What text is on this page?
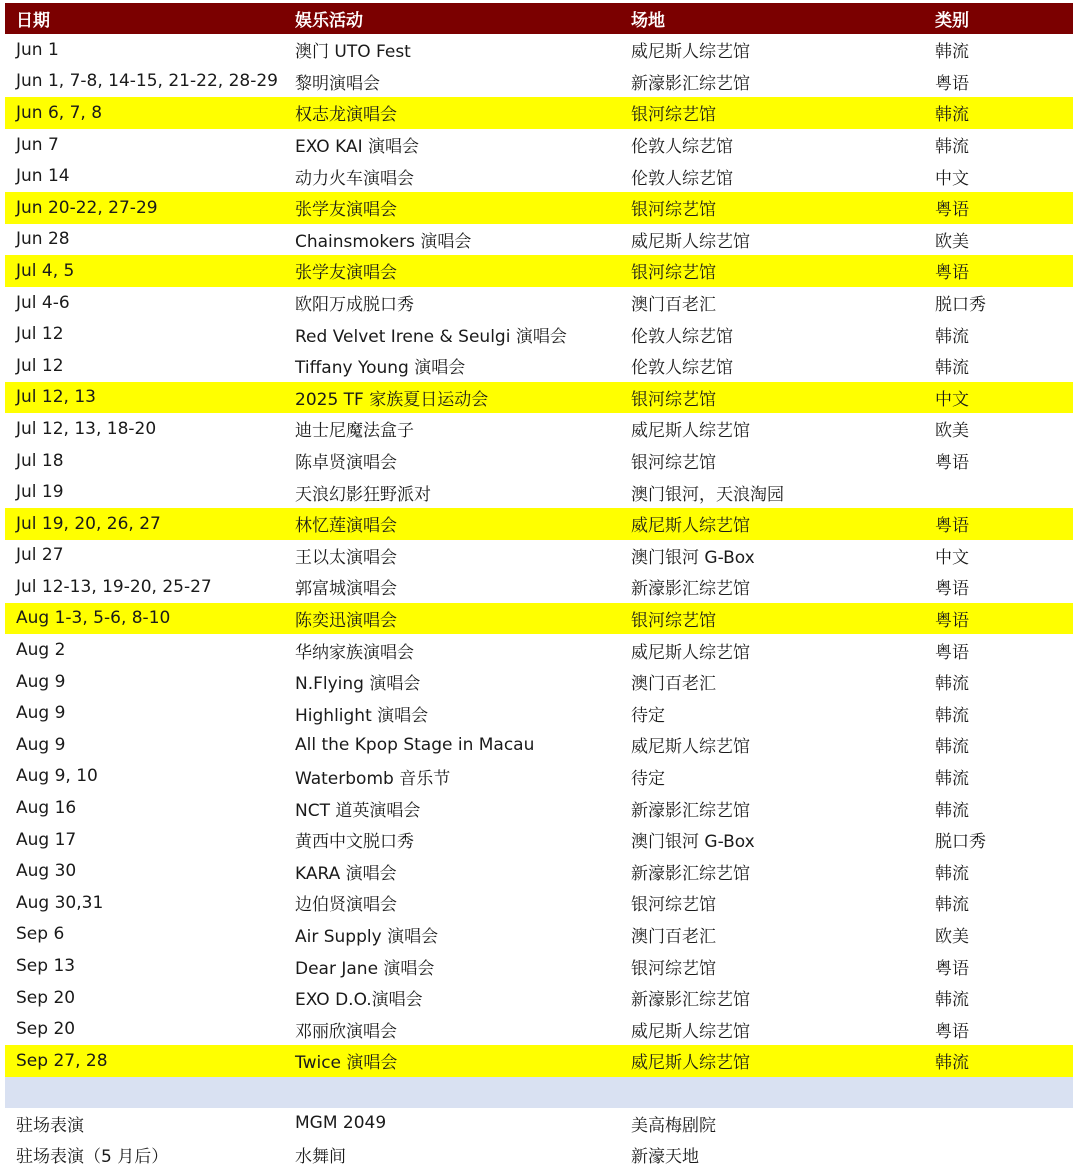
日期	娱乐活动	场地	类别
Jun 1	澳门 UTO Fest	威尼斯人综艺馆	韩流
Jun 1, 7-8, 14-15, 21-22, 28-29	黎明演唱会	新濠影汇综艺馆	粤语
Jun 6, 7, 8	权志龙演唱会	银河综艺馆	韩流
Jun 7	EXO KAI 演唱会	伦敦人综艺馆	韩流
Jun 14	动力火车演唱会	伦敦人综艺馆	中文
Jun 20-22, 27-29	张学友演唱会	银河综艺馆	粤语
Jun 28	Chainsmokers 演唱会	威尼斯人综艺馆	欧美
Jul 4, 5	张学友演唱会	银河综艺馆	粤语
Jul 4-6	欧阳万成脱口秀	澳门百老汇	脱口秀
Jul 12	Red Velvet Irene & Seulgi 演唱会	伦敦人综艺馆	韩流
Jul 12	Tiffany Young 演唱会	伦敦人综艺馆	韩流
Jul 12, 13	2025 TF 家族夏日运动会	银河综艺馆	中文
Jul 12, 13, 18-20	迪士尼魔法盒子	威尼斯人综艺馆	欧美
Jul 18	陈卓贤演唱会	银河综艺馆	粤语
Jul 19	天浪幻影狂野派对	澳门银河，天浪淘园
Jul 19, 20, 26, 27	林忆莲演唱会	威尼斯人综艺馆	粤语
Jul 27	王以太演唱会	澳门银河 G-Box	中文
Jul 12-13, 19-20, 25-27	郭富城演唱会	新濠影汇综艺馆	粤语
Aug 1-3, 5-6, 8-10	陈奕迅演唱会	银河综艺馆	粤语
Aug 2	华纳家族演唱会	威尼斯人综艺馆	粤语
Aug 9	N.Flying 演唱会	澳门百老汇	韩流
Aug 9	Highlight 演唱会	待定	韩流
Aug 9	All the Kpop Stage in Macau	威尼斯人综艺馆	韩流
Aug 9, 10	Waterbomb 音乐节	待定	韩流
Aug 16	NCT 道英演唱会	新濠影汇综艺馆	韩流
Aug 17	黄西中文脱口秀	澳门银河 G-Box	脱口秀
Aug 30	KARA 演唱会	新濠影汇综艺馆	韩流
Aug 30,31	边伯贤演唱会	银河综艺馆	韩流
Sep 6	Air Supply 演唱会	澳门百老汇	欧美
Sep 13	Dear Jane 演唱会	银河综艺馆	粤语
Sep 20	EXO D.O.演唱会	新濠影汇综艺馆	韩流
Sep 20	邓丽欣演唱会	威尼斯人综艺馆	粤语
Sep 27, 28	Twice 演唱会	威尼斯人综艺馆	韩流
驻场表演	MGM 2049	美高梅剧院
驻场表演（5 月后）	水舞间	新濠天地
